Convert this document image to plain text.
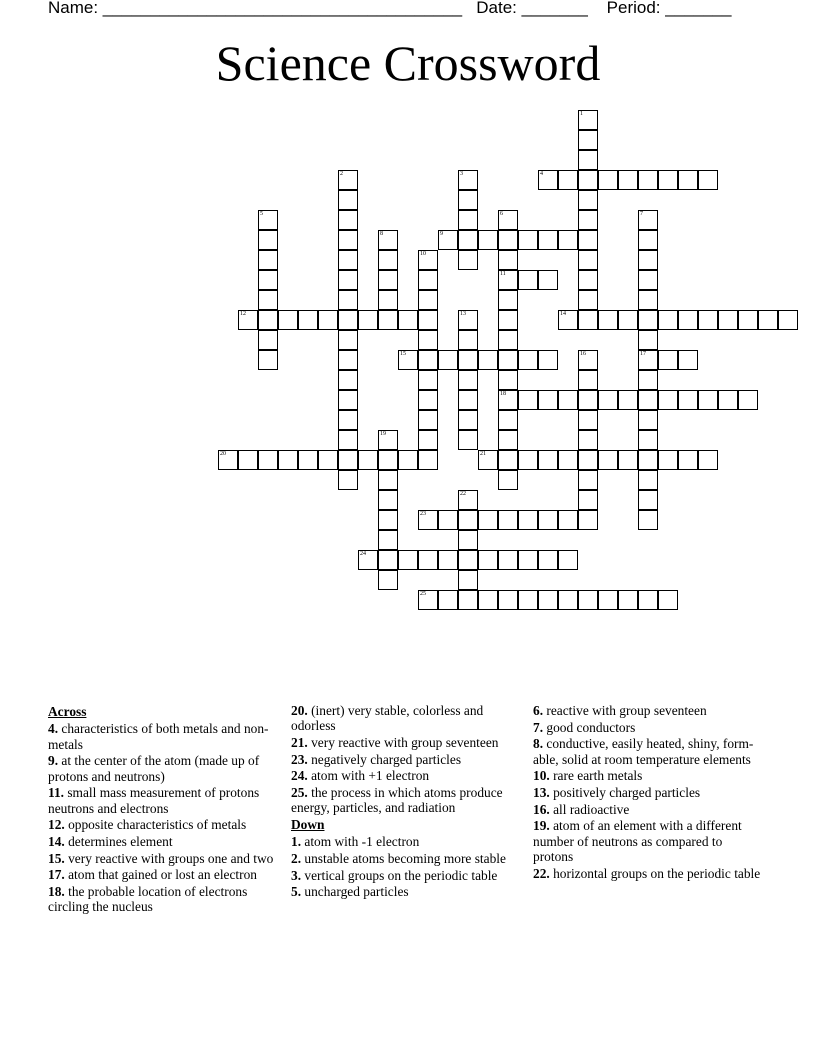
Name: ______________________________________   Date: _______    Period: _______
Science Crossword
1
2	3	4
5	6
11
18
7
17
8	9
10
12	13	14
15	16
19
20	21
22
23
24
25
Across
4. characteristics of both metals and non-metals
9. at the center of the atom (made up of protons and neutrons)
11. small mass measurement of protons neutrons and electrons
12. opposite characteristics of metals
14. determines element
15. very reactive with groups one and two
17. atom that gained or lost an electron
18. the probable location of electrons circling the nucleus
20. (inert) very stable, colorless and odorless
21. very reactive with group seventeen
23. negatively charged particles
24. atom with +1 electron
25. the process in which atoms produce energy, particles, and radiation
Down
1. atom with -1 electron
2. unstable atoms becoming more stable
3. vertical groups on the periodic table
5. uncharged particles
6. reactive with group seventeen
7. good conductors
8. conductive, easily heated, shiny, form-able, solid at room temperature elements
10. rare earth metals
13. positively charged particles
16. all radioactive
19. atom of an element with a different number of neutrons as compared to protons
22. horizontal groups on the periodic table
